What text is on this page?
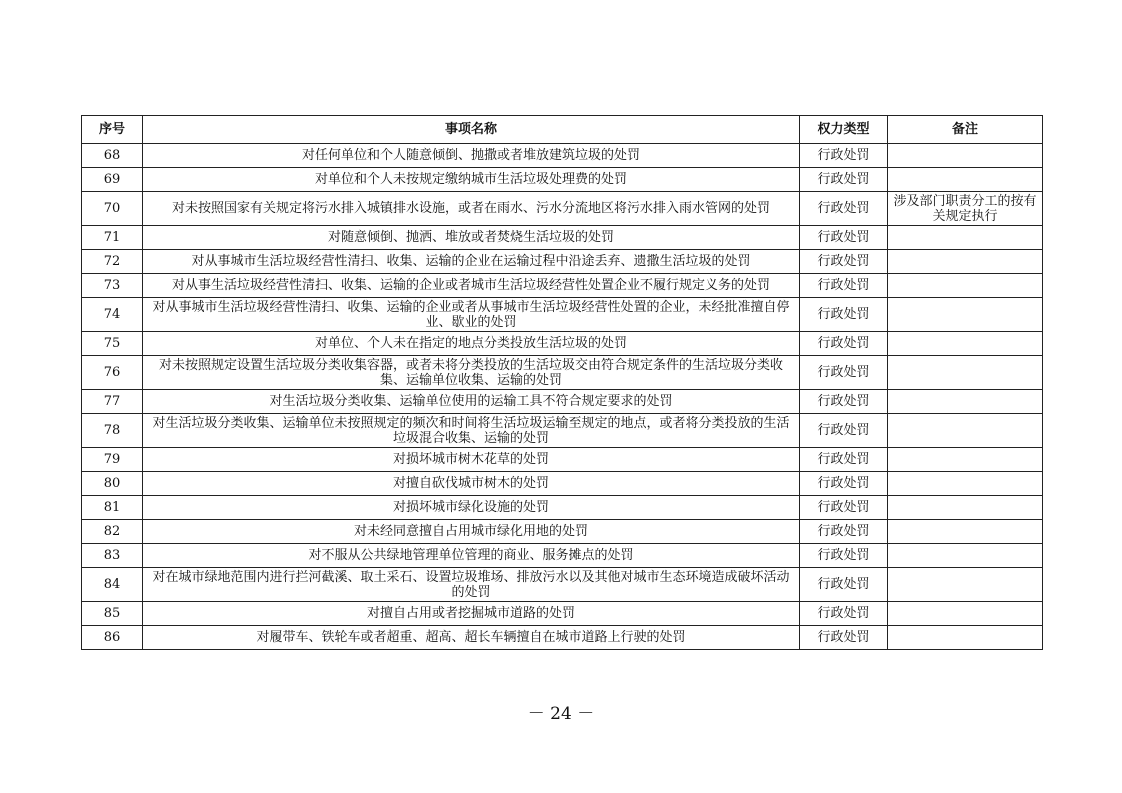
序号	事项名称	权力类型	备注
68	对任何单位和个人随意倾倒、抛撒或者堆放建筑垃圾的处罚	行政处罚	
69	对单位和个人未按规定缴纳城市生活垃圾处理费的处罚	行政处罚	
70	对未按照国家有关规定将污水排入城镇排水设施，或者在雨水、污水分流地区将污水排入雨水管网的处罚	行政处罚	涉及部门职责分工的按有关规定执行
71	对随意倾倒、抛洒、堆放或者焚烧生活垃圾的处罚	行政处罚	
72	对从事城市生活垃圾经营性清扫、收集、运输的企业在运输过程中沿途丢弃、遗撒生活垃圾的处罚	行政处罚	
73	对从事生活垃圾经营性清扫、收集、运输的企业或者城市生活垃圾经营性处置企业不履行规定义务的处罚	行政处罚	
74	对从事城市生活垃圾经营性清扫、收集、运输的企业或者从事城市生活垃圾经营性处置的企业，未经批准擅自停业、歇业的处罚	行政处罚	
75	对单位、个人未在指定的地点分类投放生活垃圾的处罚	行政处罚	
76	对未按照规定设置生活垃圾分类收集容器，或者未将分类投放的生活垃圾交由符合规定条件的生活垃圾分类收集、运输单位收集、运输的处罚	行政处罚	
77	对生活垃圾分类收集、运输单位使用的运输工具不符合规定要求的处罚	行政处罚	
78	对生活垃圾分类收集、运输单位未按照规定的频次和时间将生活垃圾运输至规定的地点，或者将分类投放的生活垃圾混合收集、运输的处罚	行政处罚	
79	对损坏城市树木花草的处罚	行政处罚	
80	对擅自砍伐城市树木的处罚	行政处罚	
81	对损坏城市绿化设施的处罚	行政处罚	
82	对未经同意擅自占用城市绿化用地的处罚	行政处罚	
83	对不服从公共绿地管理单位管理的商业、服务摊点的处罚	行政处罚	
84	对在城市绿地范围内进行拦河截溪、取土采石、设置垃圾堆场、排放污水以及其他对城市生态环境造成破坏活动的处罚	行政处罚	
85	对擅自占用或者挖掘城市道路的处罚	行政处罚	
86	对履带车、铁轮车或者超重、超高、超长车辆擅自在城市道路上行驶的处罚	行政处罚	
－ 24 －
